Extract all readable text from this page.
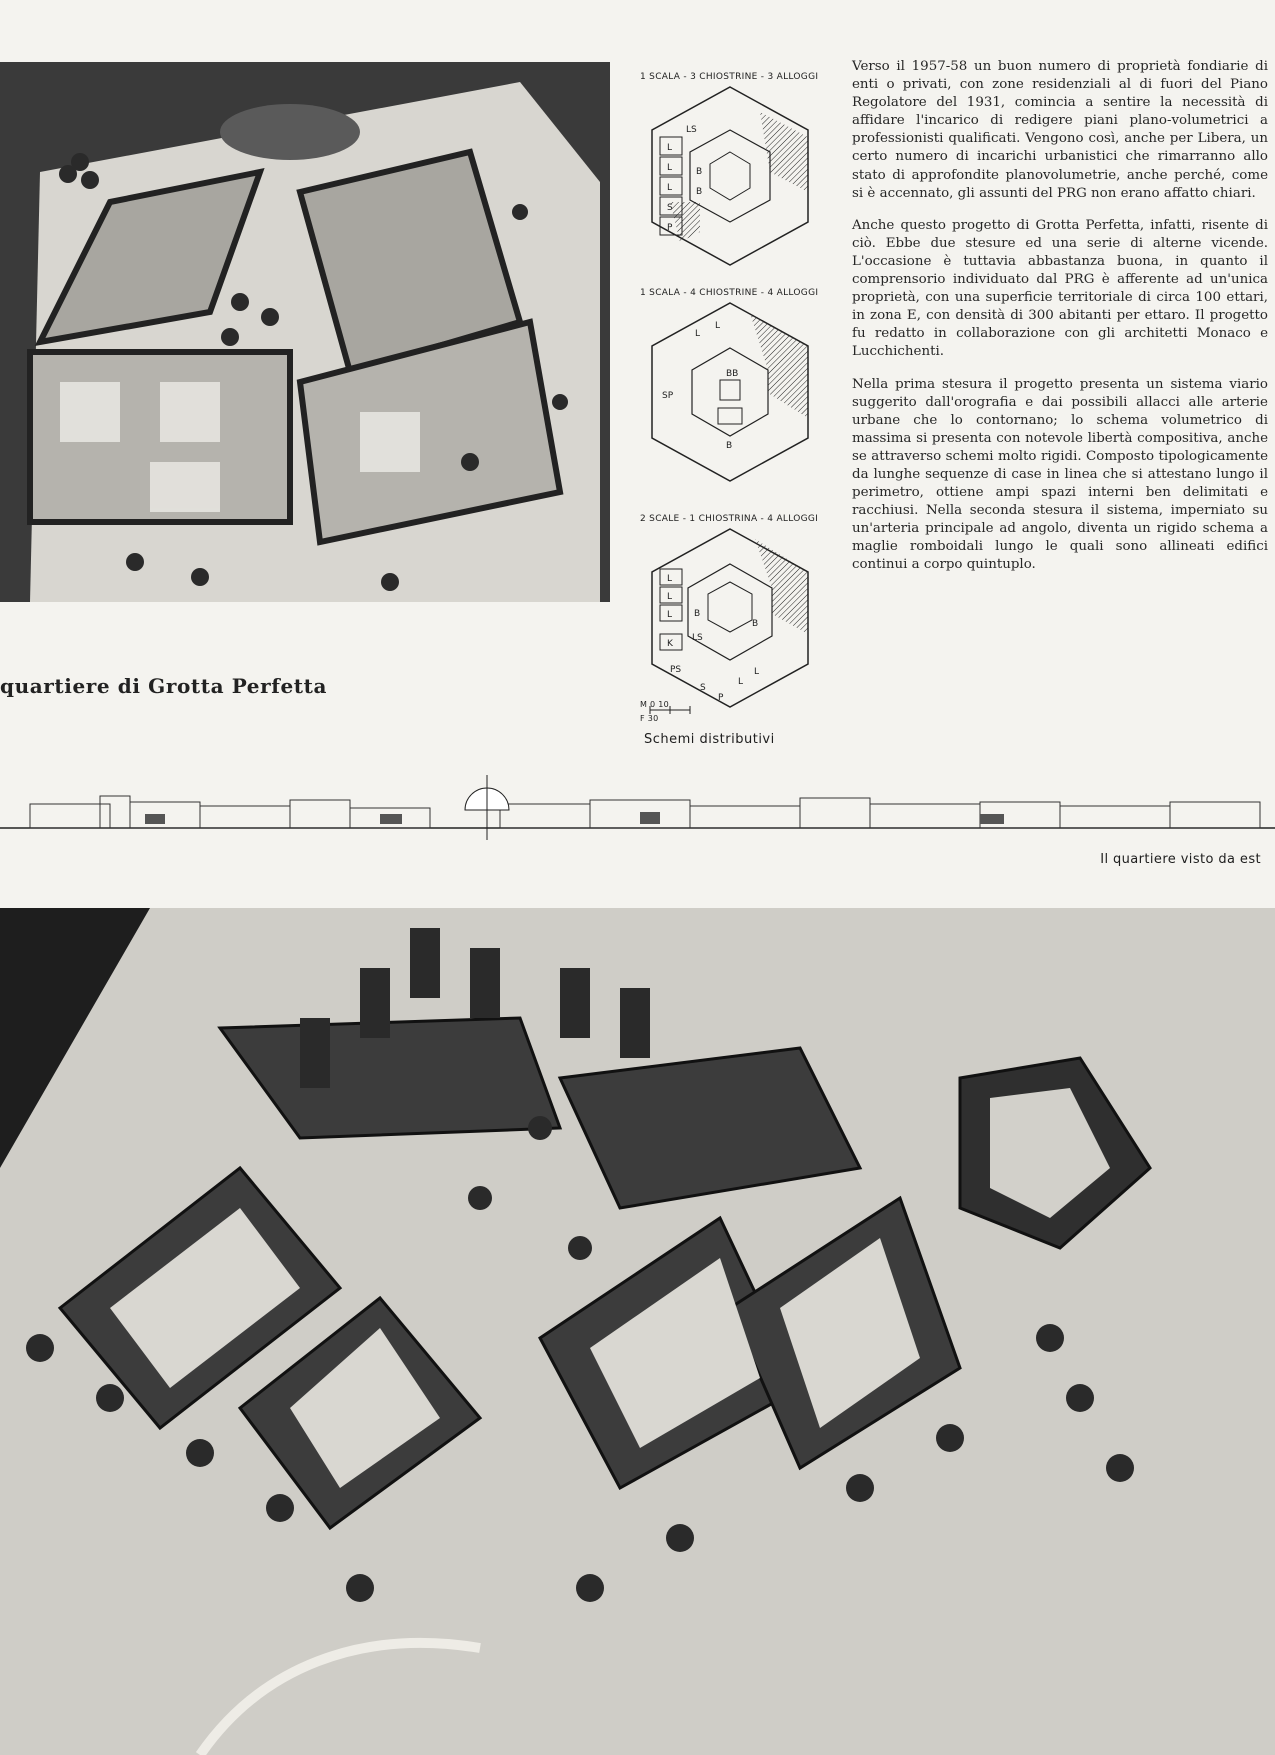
1 SCALA - 3 CHIOSTRINE - 3 ALLOGGI
LS
L
L
L
S
P
B
B
1 SCALA - 4 CHIOSTRINE - 4 ALLOGGI
L
L
SP
BB
B
2 SCALE - 1 CHIOSTRINA - 4 ALLOGGI
L
L
L B
LS
K
PS
S
P
L
L
B
M 0 10
F 30
Schemi distributivi
quartiere di Grotta Perfetta

Verso il 1957-58 un buon numero di proprietà fondiarie di enti o privati, con zone residenziali al di fuori del Piano Regolatore del 1931, comincia a sentire la necessità di affidare l'incarico di redigere piani plano-volumetrici a professionisti qualificati. Vengono così, anche per Libera, un certo numero di incarichi urbanistici che rimarranno allo stato di approfondite planovolumetrie, anche perché, come si è accennato, gli assunti del PRG non erano affatto chiari.

Anche questo progetto di Grotta Perfetta, infatti, risente di ciò. Ebbe due stesure ed una serie di alterne vicende. L'occasione è tuttavia abbastanza buona, in quanto il comprensorio individuato dal PRG è afferente ad un'unica proprietà, con una superficie territoriale di circa 100 ettari, in zona E, con densità di 300 abitanti per ettaro. Il progetto fu redatto in collaborazione con gli architetti Monaco e Lucchichenti.

Nella prima stesura il progetto presenta un sistema viario suggerito dall'orografia e dai possibili allacci alle arterie urbane che lo contornano; lo schema volumetrico di massima si presenta con notevole libertà compositiva, anche se attraverso schemi molto rigidi. Composto tipologicamente da lunghe sequenze di case in linea che si attestano lungo il perimetro, ottiene ampi spazi interni ben delimitati e racchiusi. Nella seconda stesura il sistema, imperniato su un'arteria principale ad angolo, diventa un rigido schema a maglie romboidali lungo le quali sono allineati edifici continui a corpo quintuplo.

Il quartiere visto da est
